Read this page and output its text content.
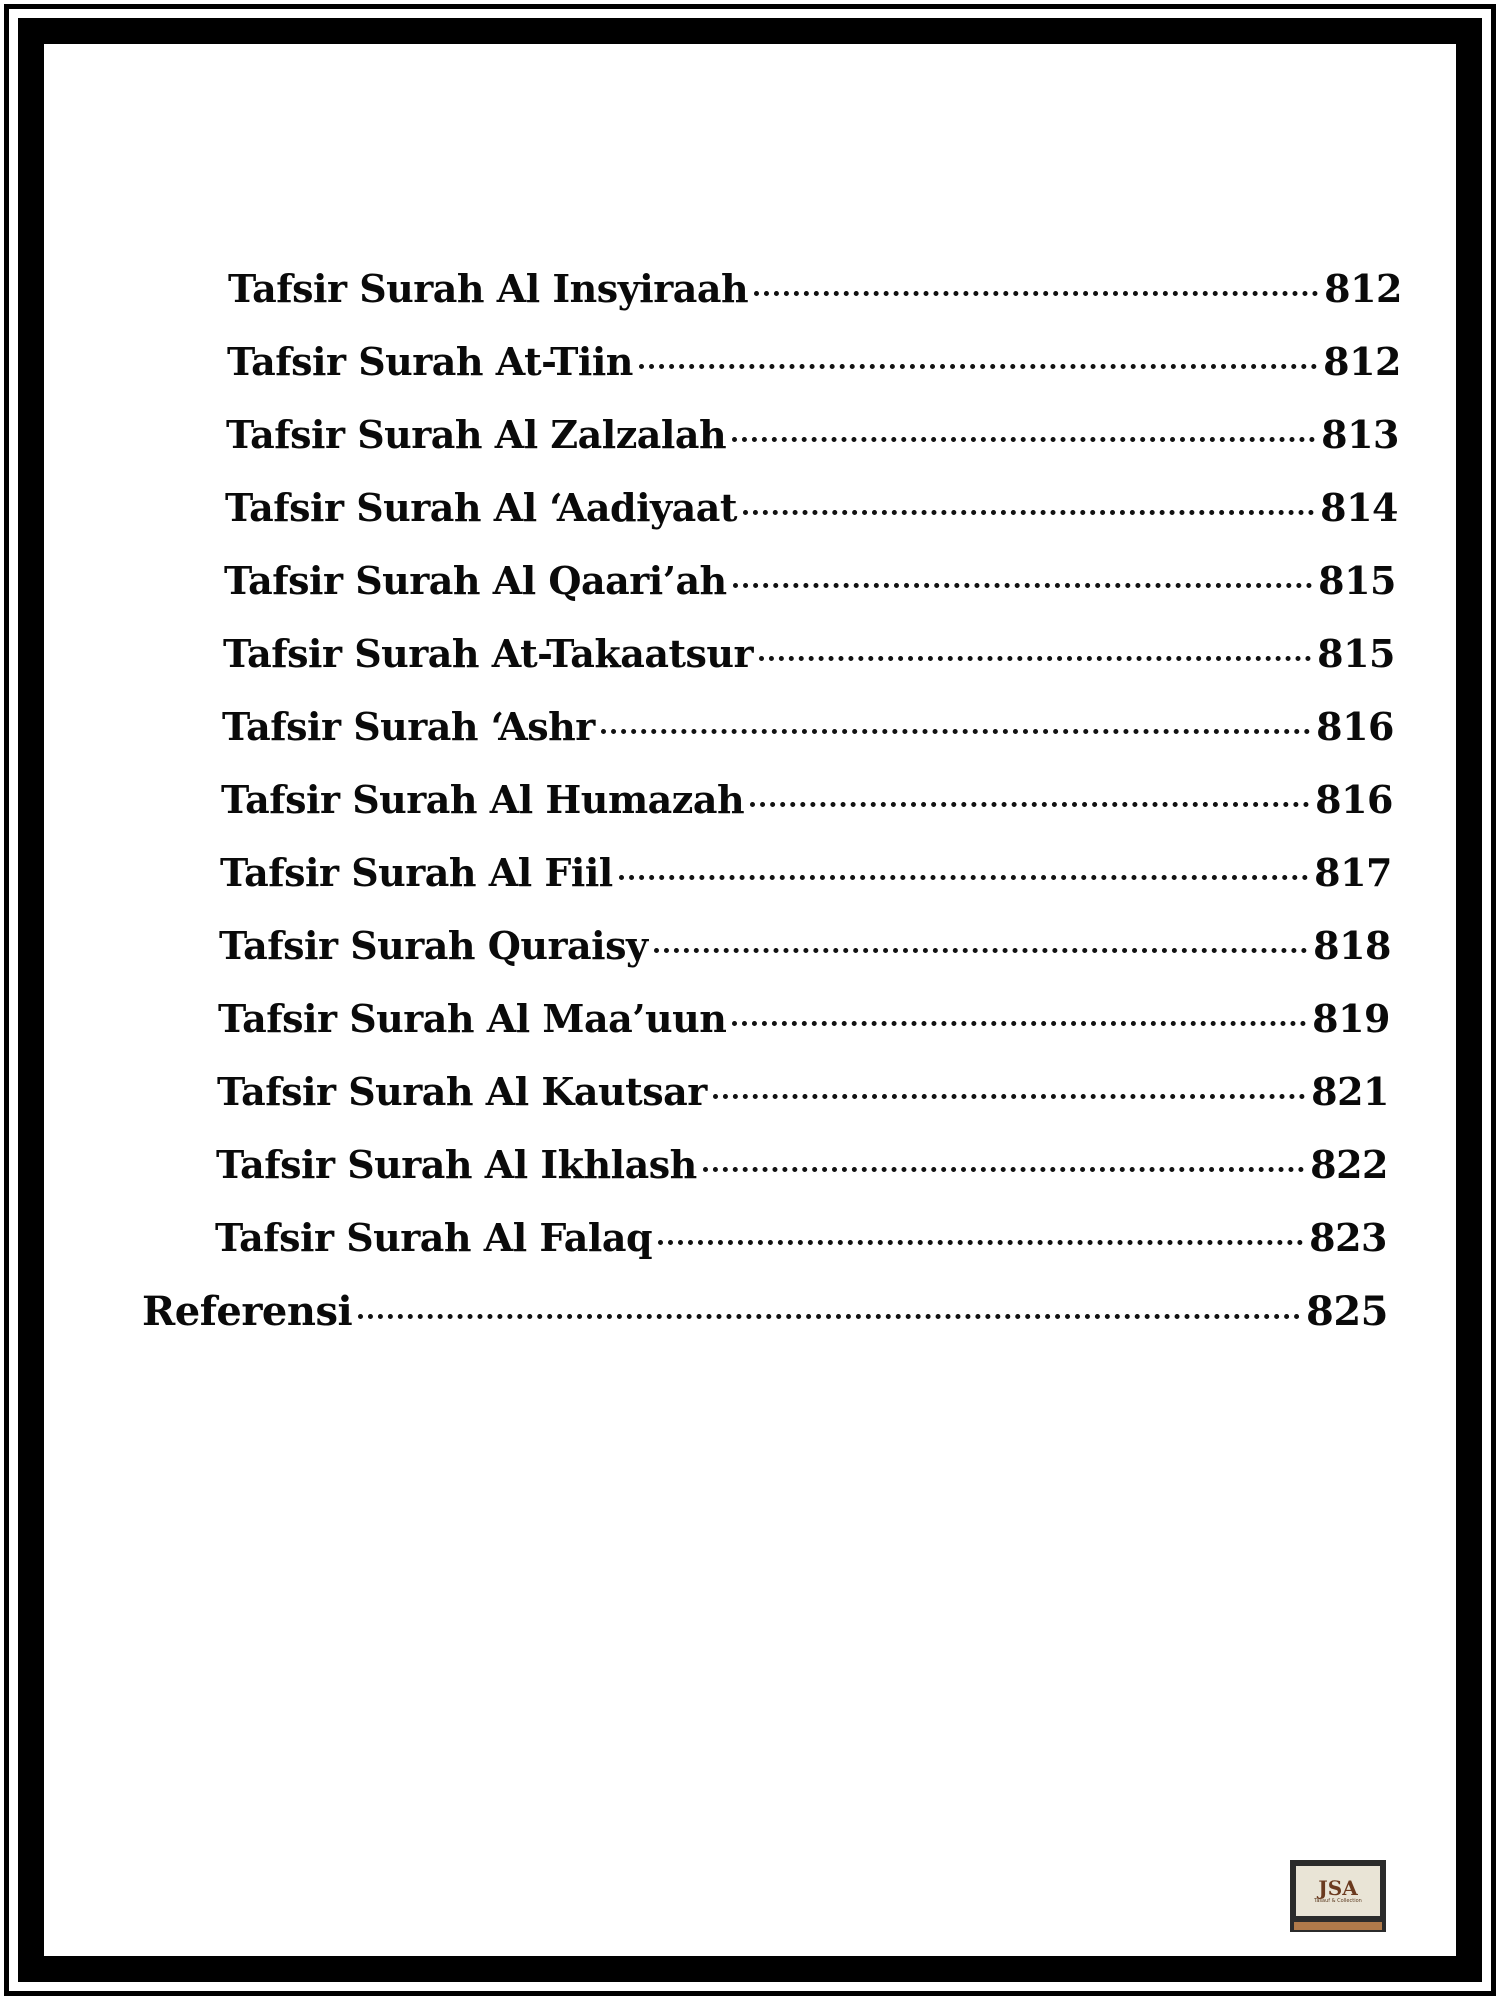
Tafsir Surah Al Insyiraah	812
Tafsir Surah At-Tiin	812
Tafsir Surah Al Zalzalah	813
Tafsir Surah Al ‘Aadiyaat	814
Tafsir Surah Al Qaari’ah	815
Tafsir Surah At-Takaatsur	815
Tafsir Surah ‘Ashr	816
Tafsir Surah Al Humazah	816
Tafsir Surah Al Fiil	817
Tafsir Surah Quraisy	818
Tafsir Surah Al Maa’uun	819
Tafsir Surah Al Kautsar	821
Tafsir Surah Al Ikhlash	822
Tafsir Surah Al Falaq	823
Referensi	825
JSA
Tasauf & Collection
